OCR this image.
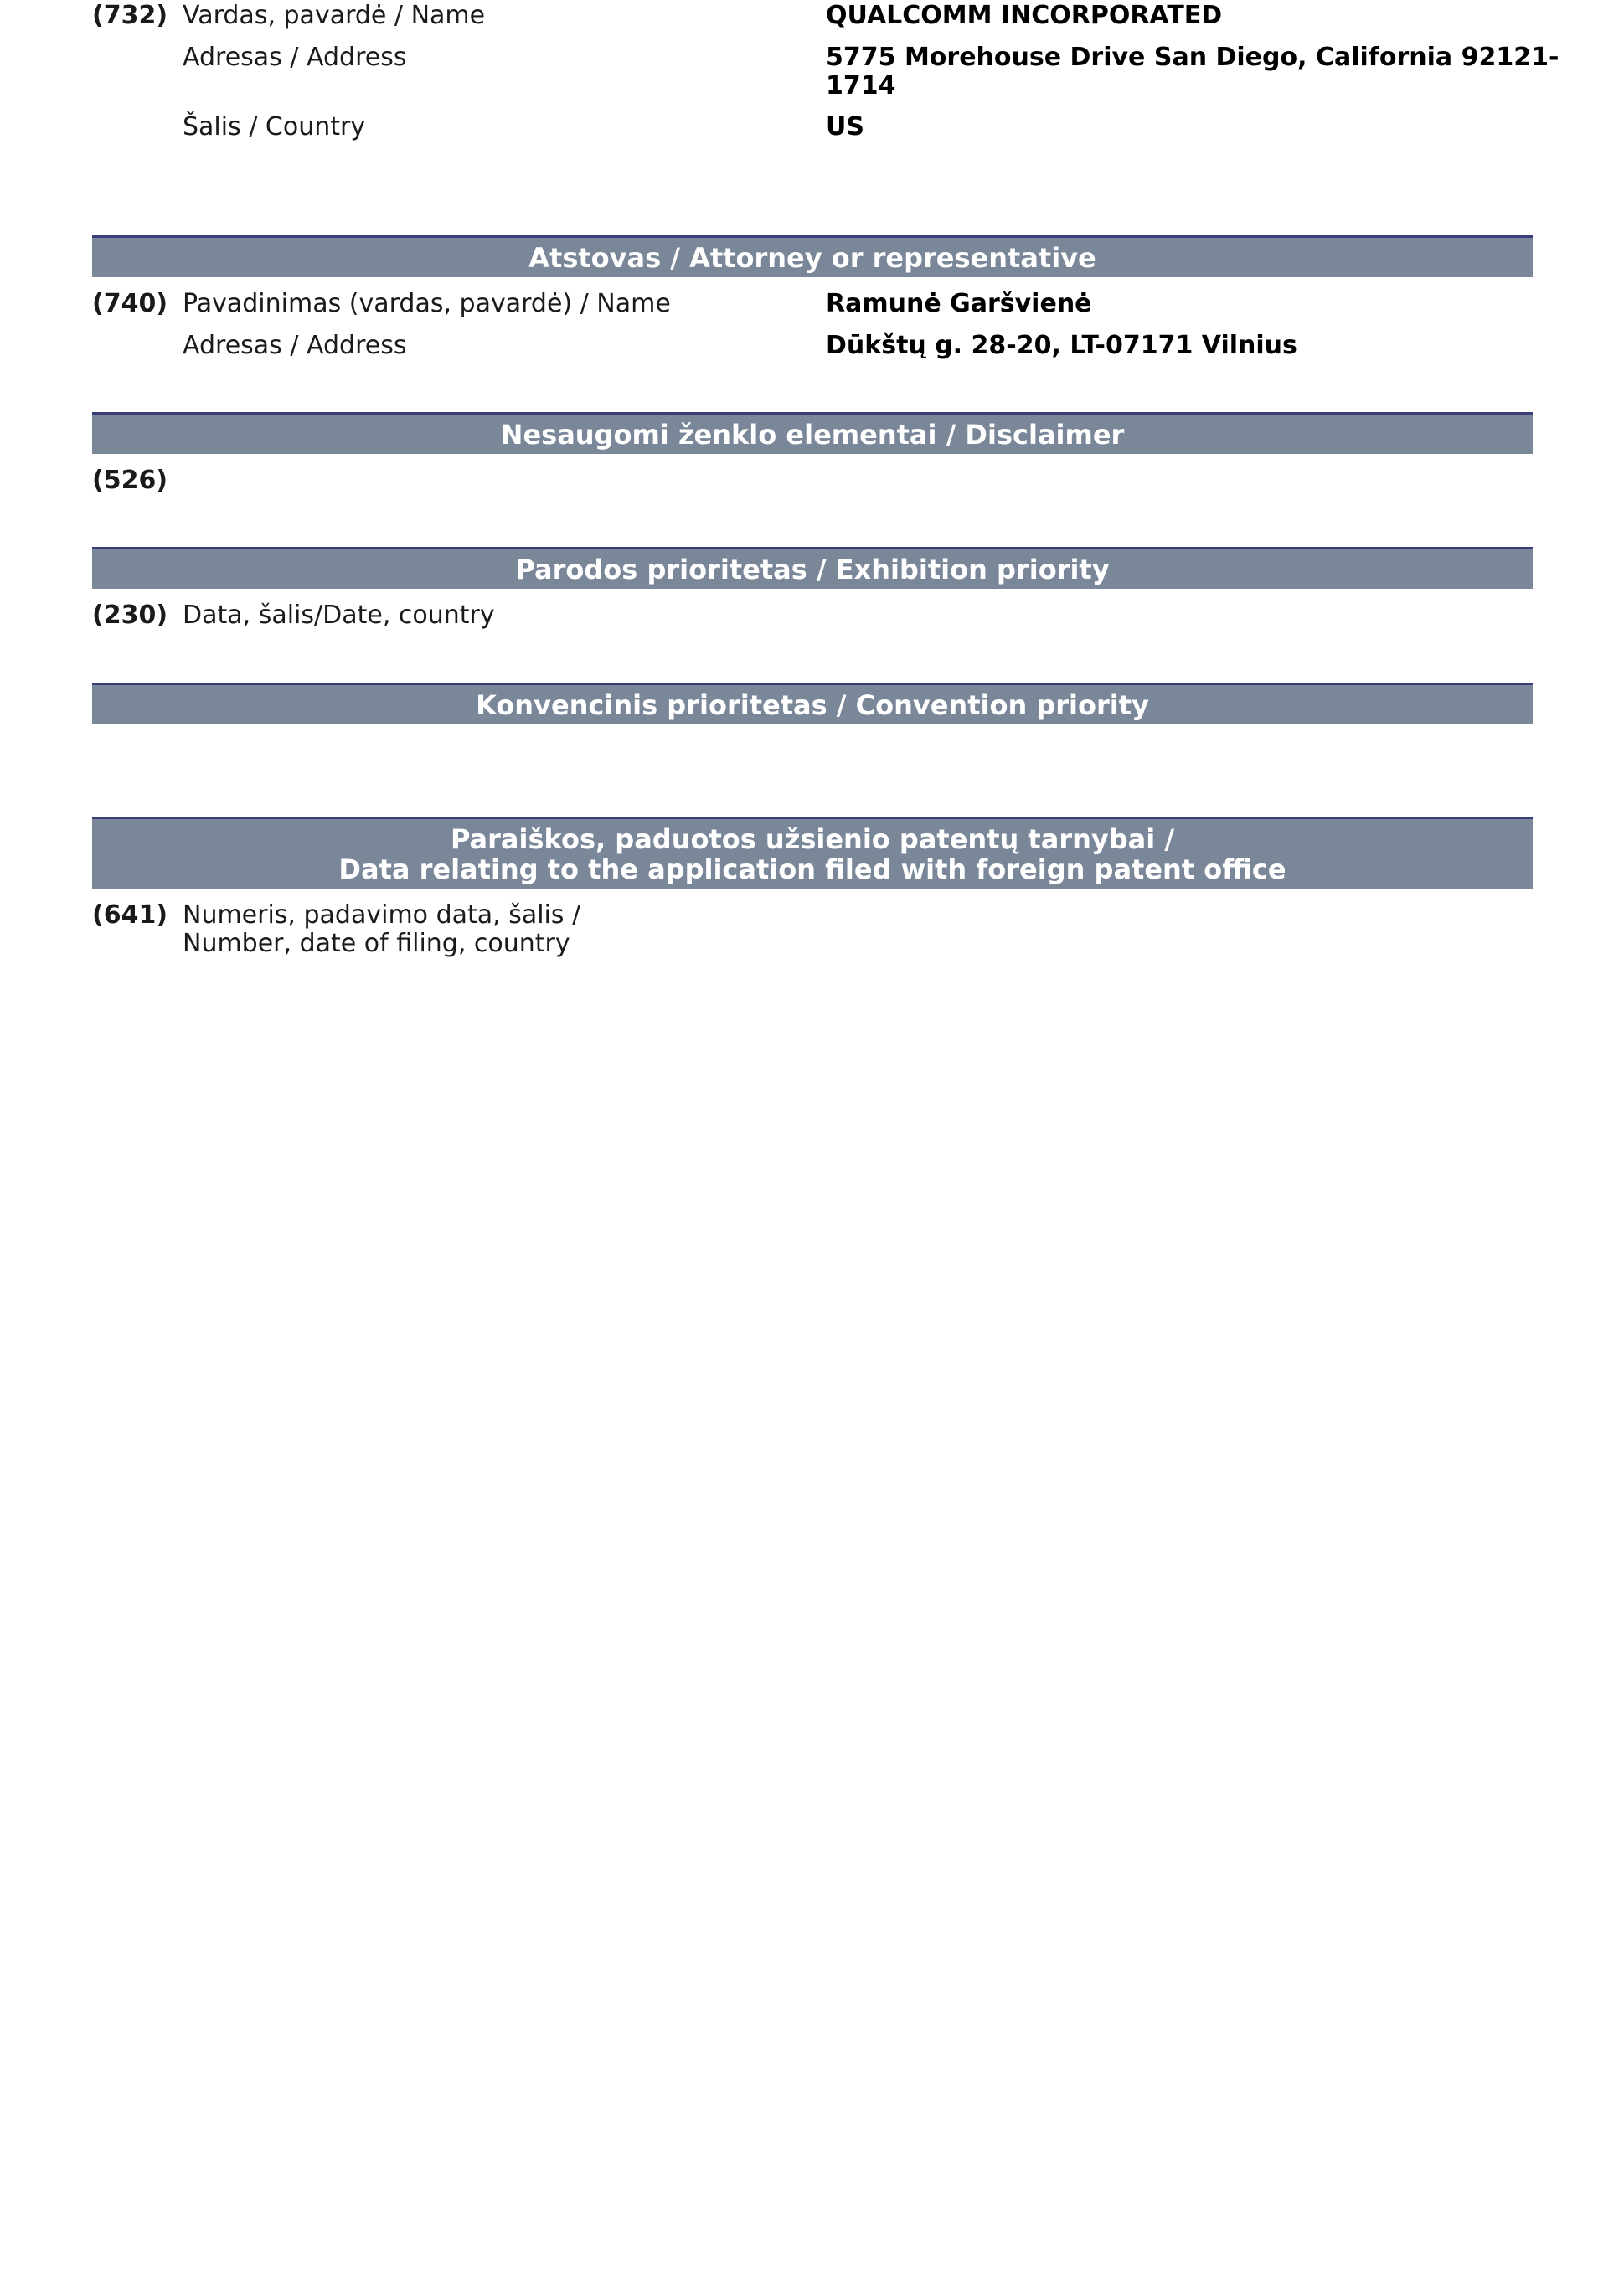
(732) Vardas, pavardė / Name	QUALCOMM INCORPORATED
Adresas / Address	5775 Morehouse Drive San Diego, California 92121-
1714
Šalis / Country	US
Atstovas / Attorney or representative
(740) Pavadinimas (vardas, pavardė) / Name	Ramunė Garšvienė
Adresas / Address	Dūkštų g. 28-20, LT-07171 Vilnius
Nesaugomi ženklo elementai / Disclaimer
(526)
Parodos prioritetas / Exhibition priority
(230) Data, šalis/Date, country
Konvencinis prioritetas / Convention priority
Paraiškos, paduotos užsienio patentų tarnybai /
Data relating to the application filed with foreign patent office
(641) Numeris, padavimo data, šalis /
Number, date of filing, country
